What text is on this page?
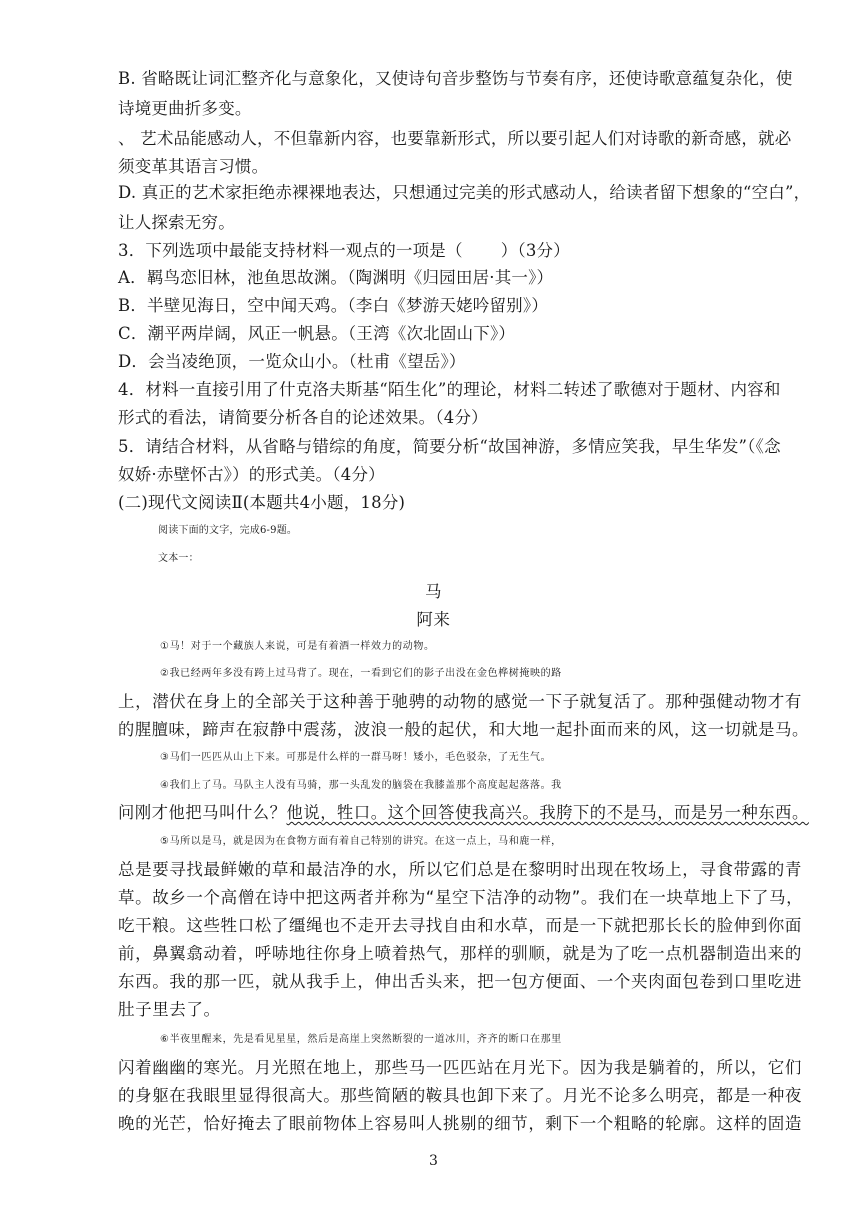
B. 省略既让词汇整齐化与意象化，又使诗句音步整饬与节奏有序，还使诗歌意蕴复杂化，使
诗境更曲折多变。
、 艺术品能感动人，不但靠新内容，也要靠新形式，所以要引起人们对诗歌的新奇感，就必
须变革其语言习惯。
D. 真正的艺术家拒绝赤裸裸地表达，只想通过完美的形式感动人，给读者留下想象的“空白”，
让人探索无穷。
3．下列选项中最能支持材料一观点的一项是（ ）（3分）
A．羁鸟恋旧林，池鱼思故渊。（陶渊明《归园田居·其一》）
B．半壁见海日，空中闻天鸡。（李白《梦游天姥吟留别》）
C．潮平两岸阔，风正一帆悬。（王湾《次北固山下》）
D．会当凌绝顶，一览众山小。（杜甫《望岳》）
4．材料一直接引用了什克洛夫斯基“陌生化”的理论，材料二转述了歌德对于题材、内容和
形式的看法，请简要分析各自的论述效果。（4分）
5．请结合材料，从省略与错综的角度，简要分析“故国神游，多情应笑我，早生华发”（《念
奴娇·赤壁怀古》）的形式美。（4分）
(二)现代文阅读Ⅱ(本题共4小题，18分)
阅读下面的文字，完成6-9题。
文本一：
马
阿来
①马！对于一个藏族人来说，可是有着酒一样效力的动物。
②我已经两年多没有跨上过马背了。现在，一看到它们的影子出没在金色桦树掩映的路
上，潜伏在身上的全部关于这种善于驰骋的动物的感觉一下子就复活了。那种强健动物才有
的腥膻味，蹄声在寂静中震荡，波浪一般的起伏，和大地一起扑面而来的风，这一切就是马。
③马们一匹匹从山上下来。可那是什么样的一群马呀！矮小，毛色驳杂，了无生气。
④我们上了马。马队主人没有马骑，那一头乱发的脑袋在我膝盖那个高度起起落落。我
问刚才他把马叫什么？他说，牲口。这个回答使我高兴。我胯下的不是马，而是另一种东西。
⑤马所以是马，就是因为在食物方面有着自己特别的讲究。在这一点上，马和鹿一样，
总是要寻找最鲜嫩的草和最洁净的水，所以它们总是在黎明时出现在牧场上，寻食带露的青
草。故乡一个高僧在诗中把这两者并称为“星空下洁净的动物”。我们在一块草地上下了马，
吃干粮。这些牲口松了缰绳也不走开去寻找自由和水草，而是一下就把那长长的脸伸到你面
前，鼻翼翕动着，呼哧地往你身上喷着热气，那样的驯顺，就是为了吃一点机器制造出来的
东西。我的那一匹，就从我手上，伸出舌头来，把一包方便面、一个夹肉面包卷到口里吃进
肚子里去了。
⑥半夜里醒来，先是看见星星，然后是高崖上突然断裂的一道冰川，齐齐的断口在那里
闪着幽幽的寒光。月光照在地上，那些马一匹匹站在月光下。因为我是躺着的，所以，它们
的身躯在我眼里显得很高大。那些简陋的鞍具也卸下来了。月光不论多么明亮，都是一种夜
晚的光芒，恰好掩去了眼前物体上容易叫人挑剔的细节，剩下一个粗略的轮廓。这样的固造
3
